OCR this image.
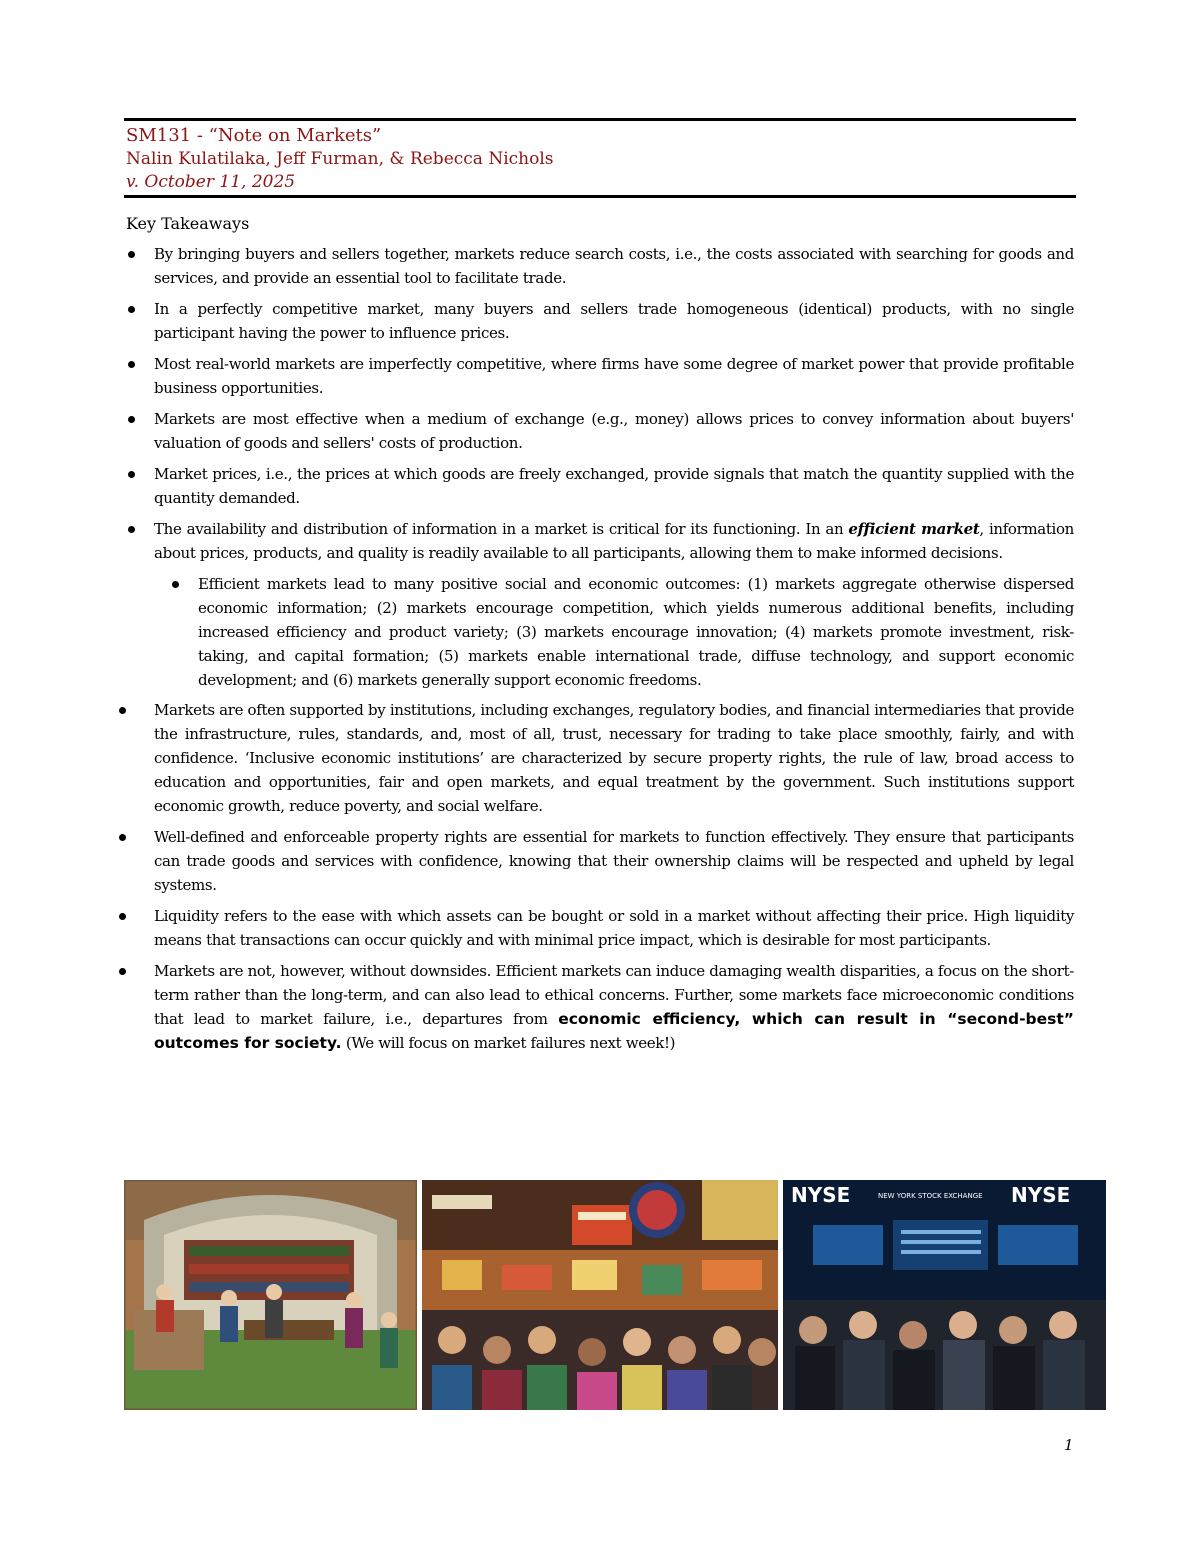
SM131 - “Note on Markets”
Nalin Kulatilaka, Jeff Furman, & Rebecca Nichols
v. October 11, 2025
Key Takeaways
By bringing buyers and sellers together, markets reduce search costs, i.e., the costs associated with searching for goods and services, and provide an essential tool to facilitate trade.
In a perfectly competitive market, many buyers and sellers trade homogeneous (identical) products, with no single participant having the power to influence prices.
Most real-world markets are imperfectly competitive, where firms have some degree of market power that provide profitable business opportunities.
Markets are most effective when a medium of exchange (e.g., money) allows prices to convey information about buyers' valuation of goods and sellers' costs of production.
Market prices, i.e., the prices at which goods are freely exchanged, provide signals that match the quantity supplied with the quantity demanded.
The availability and distribution of information in a market is critical for its functioning. In an efficient market, information about prices, products, and quality is readily available to all participants, allowing them to make informed decisions.
Efficient markets lead to many positive social and economic outcomes: (1) markets aggregate otherwise dispersed economic information; (2) markets encourage competition, which yields numerous additional benefits, including increased efficiency and product variety; (3) markets encourage innovation; (4) markets promote investment, risk-taking, and capital formation; (5) markets enable international trade, diffuse technology, and support economic development; and (6) markets generally support economic freedoms.
Markets are often supported by institutions, including exchanges, regulatory bodies, and financial intermediaries that provide the infrastructure, rules, standards, and, most of all, trust, necessary for trading to take place smoothly, fairly, and with confidence. ‘Inclusive economic institutions’ are characterized by secure property rights, the rule of law, broad access to education and opportunities, fair and open markets, and equal treatment by the government. Such institutions support economic growth, reduce poverty, and social welfare.
Well-defined and enforceable property rights are essential for markets to function effectively. They ensure that participants can trade goods and services with confidence, knowing that their ownership claims will be respected and upheld by legal systems.
Liquidity refers to the ease with which assets can be bought or sold in a market without affecting their price. High liquidity means that transactions can occur quickly and with minimal price impact, which is desirable for most participants.
Markets are not, however, without downsides. Efficient markets can induce damaging wealth disparities, a focus on the short-term rather than the long-term, and can also lead to ethical concerns. Further, some markets face microeconomic conditions that lead to market failure, i.e., departures from economic efficiency, which can result in “second-best” outcomes for society. (We will focus on market failures next week!)
NYSE	NEW YORK STOCK EXCHANGE NYSE
1
